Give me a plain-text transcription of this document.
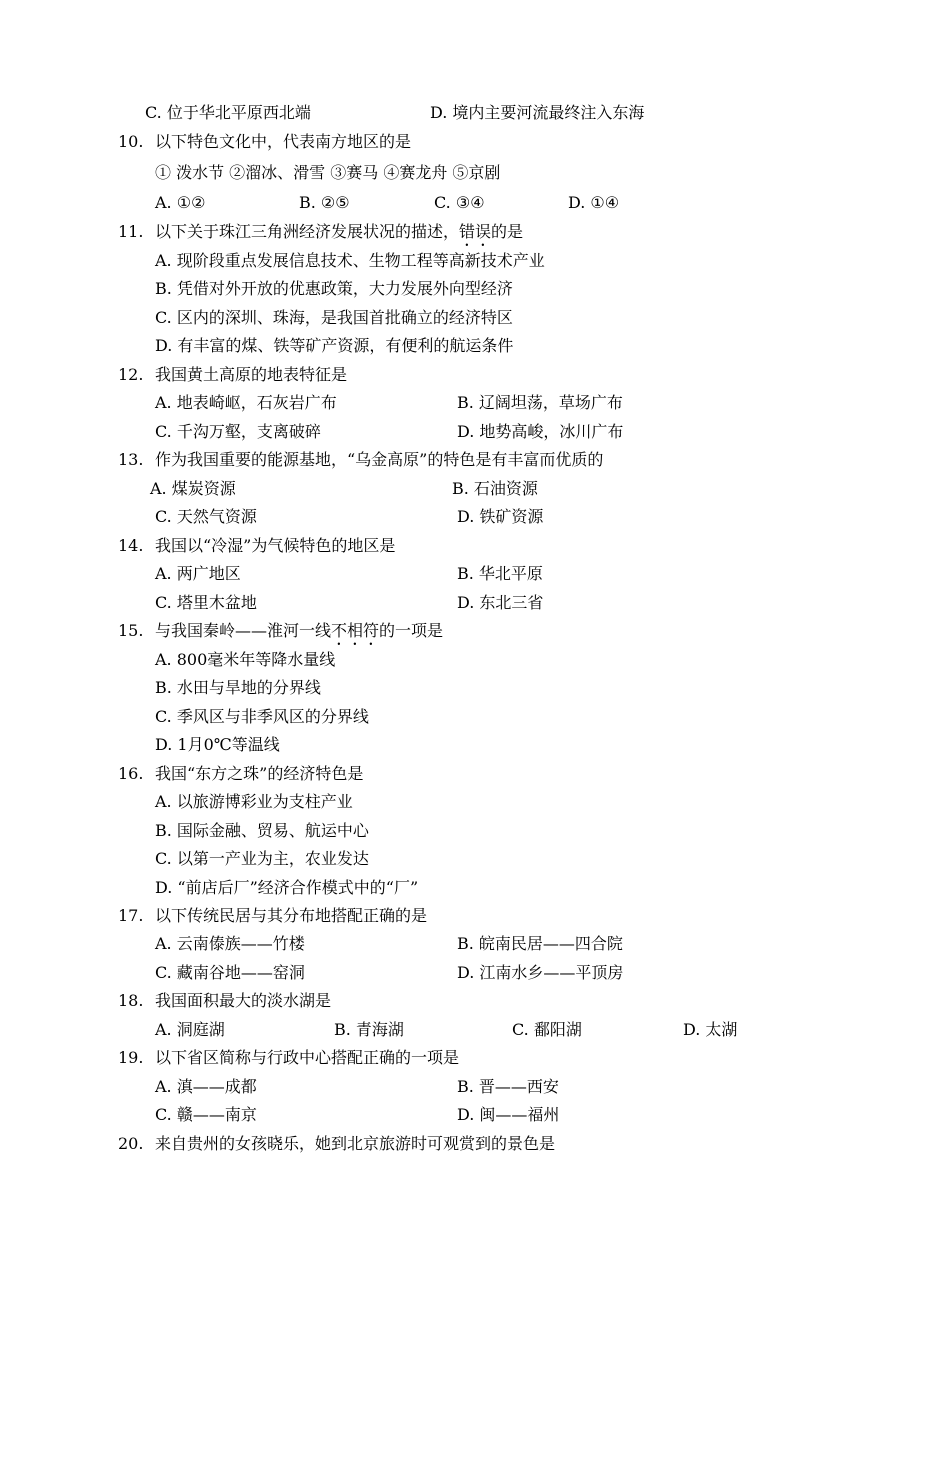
C. 位于华北平原西北端	D. 境内主要河流最终注入东海
10. 以下特色文化中，代表南方地区的是
① 泼水节 ②溜冰、滑雪 ③赛马 ④赛龙舟 ⑤京剧
A. ①②	B. ②⑤	C. ③④	D. ①④
11. 以下关于珠江三角洲经济发展状况的描述，错误的是
A. 现阶段重点发展信息技术、生物工程等高新技术产业
B. 凭借对外开放的优惠政策，大力发展外向型经济
C. 区内的深圳、珠海，是我国首批确立的经济特区
D. 有丰富的煤、铁等矿产资源，有便利的航运条件
12. 我国黄土高原的地表特征是
A. 地表崎岖，石灰岩广布	B. 辽阔坦荡，草场广布
C. 千沟万壑，支离破碎	D. 地势高峻，冰川广布
13. 作为我国重要的能源基地，“乌金高原”的特色是有丰富而优质的
A. 煤炭资源	B. 石油资源
C. 天然气资源	D. 铁矿资源
14. 我国以“冷湿”为气候特色的地区是
A. 两广地区	B. 华北平原
C. 塔里木盆地	D. 东北三省
15. 与我国秦岭——淮河一线不相符的一项是
A. 800毫米年等降水量线
B. 水田与旱地的分界线
C. 季风区与非季风区的分界线
D. 1月0℃等温线
16. 我国“东方之珠”的经济特色是
A. 以旅游博彩业为支柱产业
B. 国际金融、贸易、航运中心
C. 以第一产业为主，农业发达
D. “前店后厂”经济合作模式中的“厂”
17. 以下传统民居与其分布地搭配正确的是
A. 云南傣族——竹楼	B. 皖南民居——四合院
C. 藏南谷地——窑洞	D. 江南水乡——平顶房
18. 我国面积最大的淡水湖是
A. 洞庭湖	B. 青海湖	C. 鄱阳湖	D. 太湖
19. 以下省区简称与行政中心搭配正确的一项是
A. 滇——成都	B. 晋——西安
C. 赣——南京	D. 闽——福州
20. 来自贵州的女孩晓乐，她到北京旅游时可观赏到的景色是
